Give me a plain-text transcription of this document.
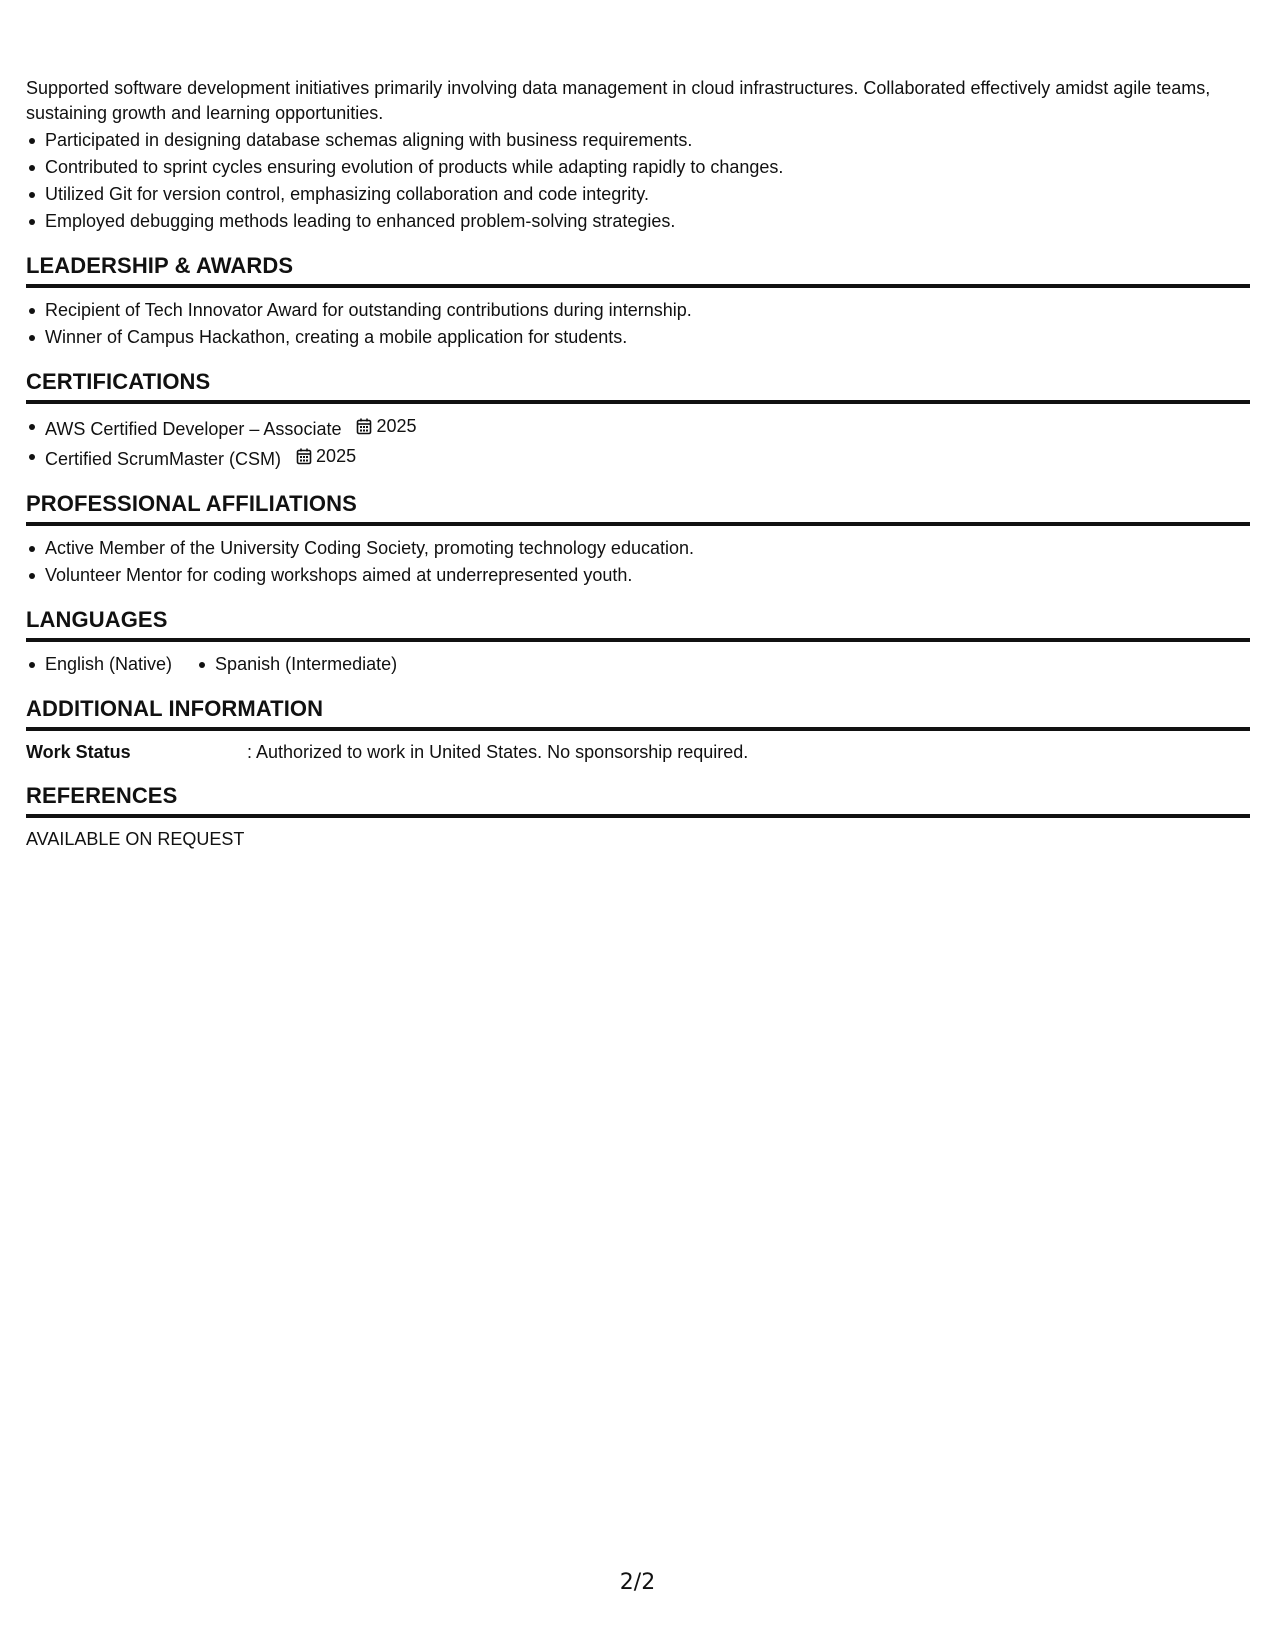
Supported software development initiatives primarily involving data management in cloud infrastructures. Collaborated effectively amidst agile teams, sustaining growth and learning opportunities.

Participated in designing database schemas aligning with business requirements.
Contributed to sprint cycles ensuring evolution of products while adapting rapidly to changes.
Utilized Git for version control, emphasizing collaboration and code integrity.
Employed debugging methods leading to enhanced problem-solving strategies.
LEADERSHIP & AWARDS
Recipient of Tech Innovator Award for outstanding contributions during internship.
Winner of Campus Hackathon, creating a mobile application for students.
CERTIFICATIONS
AWS Certified Developer – Associate 2025
Certified ScrumMaster (CSM) 2025
PROFESSIONAL AFFILIATIONS
Active Member of the University Coding Society, promoting technology education.
Volunteer Mentor for coding workshops aimed at underrepresented youth.
LANGUAGES
English (Native)	Spanish (Intermediate)
ADDITIONAL INFORMATION
Work Status	: Authorized to work in United States. No sponsorship required.
REFERENCES
AVAILABLE ON REQUEST
2/2
